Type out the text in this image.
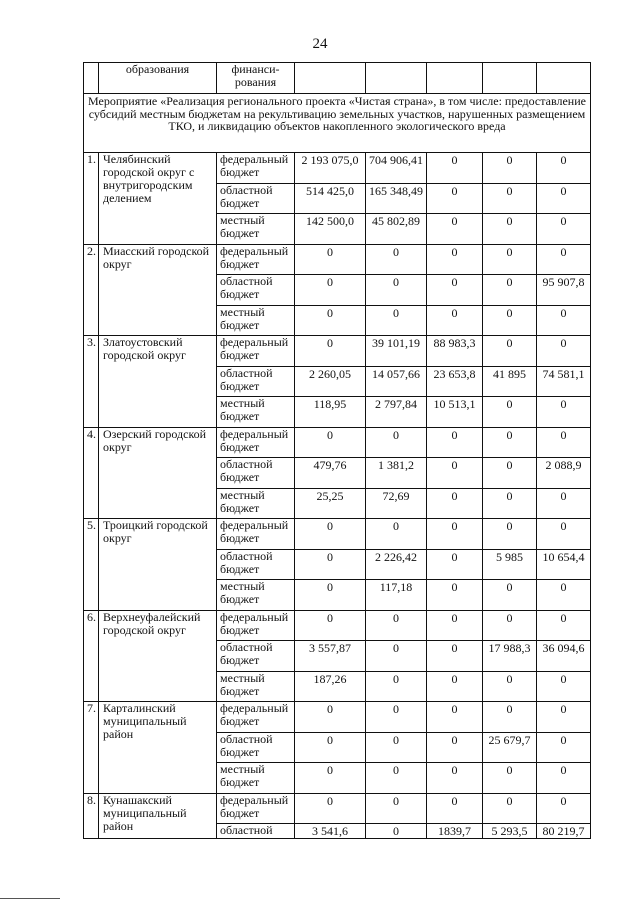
24
	образования	финанси-
рования					
Мероприятие «Реализация регионального проекта «Чистая страна», в том числе: предоставление субсидий местным бюджетам на рекультивацию земельных участков, нарушенных размещением ТКО, и ликвидацию объектов накопленного экологического вреда							
1.	Челябинский городской округ с внутригородским делением	федеральный бюджет	2 193 075,0	704 906,41	0	0	0
		областной бюджет	514 425,0	165 348,49	0	0	0
		местный бюджет	142 500,0	45 802,89	0	0	0
2.	Миасский городской округ	федеральный бюджет	0	0	0	0	0
		областной бюджет	0	0	0	0	95 907,8
		местный бюджет	0	0	0	0	0
3.	Златоустовский городской округ	федеральный бюджет	0	39 101,19	88 983,3	0	0
		областной бюджет	2 260,05	14 057,66	23 653,8	41 895	74 581,1
		местный бюджет	118,95	2 797,84	10 513,1	0	0
4.	Озерский городской округ	федеральный бюджет	0	0	0	0	0
		областной бюджет	479,76	1 381,2	0	0	2 088,9
		местный бюджет	25,25	72,69	0	0	0
5.	Троицкий городской округ	федеральный бюджет	0	0	0	0	0
		областной бюджет	0	2 226,42	0	5 985	10 654,4
		местный бюджет	0	117,18	0	0	0
6.	Верхнеуфалейский городской округ	федеральный бюджет	0	0	0	0	0
		областной бюджет	3 557,87	0	0	17 988,3	36 094,6
		местный бюджет	187,26	0	0	0	0
7.	Карталинский муниципальный район	федеральный бюджет	0	0	0	0	0
		областной бюджет	0	0	0	25 679,7	0
		местный бюджет	0	0	0	0	0
8.	Кунашакский муниципальный район	федеральный бюджет	0	0	0	0	0
		областной	3 541,6	0	1839,7	5 293,5	80 219,7
